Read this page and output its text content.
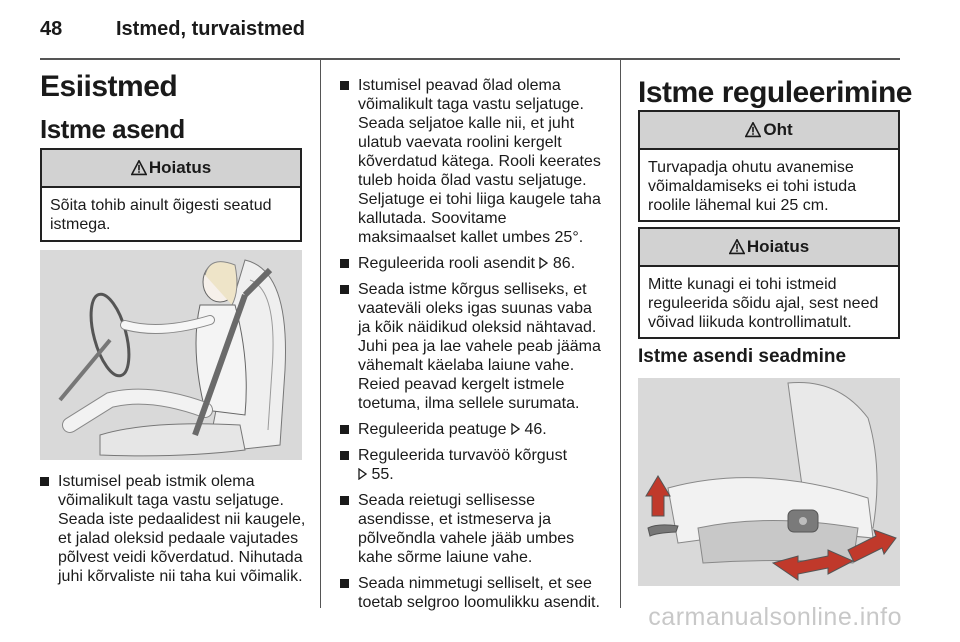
48	Istmed, turvaistmed
Esiistmed
Istme asend
Hoiatus
Sõita tohib ainult õigesti seatud istmega.
Istumisel peab istmik olema võimalikult taga vastu seljatuge. Seada iste pedaalidest nii kaugele, et jalad oleksid pedaale vajutades põlvest veidi kõverdatud. Nihutada juhi kõrvaliste nii taha kui võimalik.
Istumisel peavad õlad olema võimalikult taga vastu seljatuge. Seada seljatoe kalle nii, et juht ulatub vaevata roolini kergelt kõverdatud kätega. Rooli keerates tuleb hoida õlad vastu seljatuge. Seljatuge ei tohi liiga kaugele taha kallutada. Soovitame maksimaalset kallet umbes 25°.
Reguleerida rooli asendit 86.
Seada istme kõrgus selliseks, et vaateväli oleks igas suunas vaba ja kõik näidikud oleksid nähtavad. Juhi pea ja lae vahele peab jääma vähemalt käelaba laiune vahe. Reied peavad kergelt istmele toetuma, ilma sellele surumata.
Reguleerida peatuge 46.
Reguleerida turvavöö kõrgust
55.
Seada reietugi sellisesse asendisse, et istmeserva ja põlveõndla vahele jääb umbes kahe sõrme laiune vahe.
Seada nimmetugi selliselt, et see toetab selgroo loomulikku asendit.
Istme reguleerimine
Oht
Turvapadja ohutu avanemise võimaldamiseks ei tohi istuda roolile lähemal kui 25 cm.
Hoiatus
Mitte kunagi ei tohi istmeid reguleerida sõidu ajal, sest need võivad liikuda kontrollimatult.
Istme asendi seadmine
carmanualsonline.info
